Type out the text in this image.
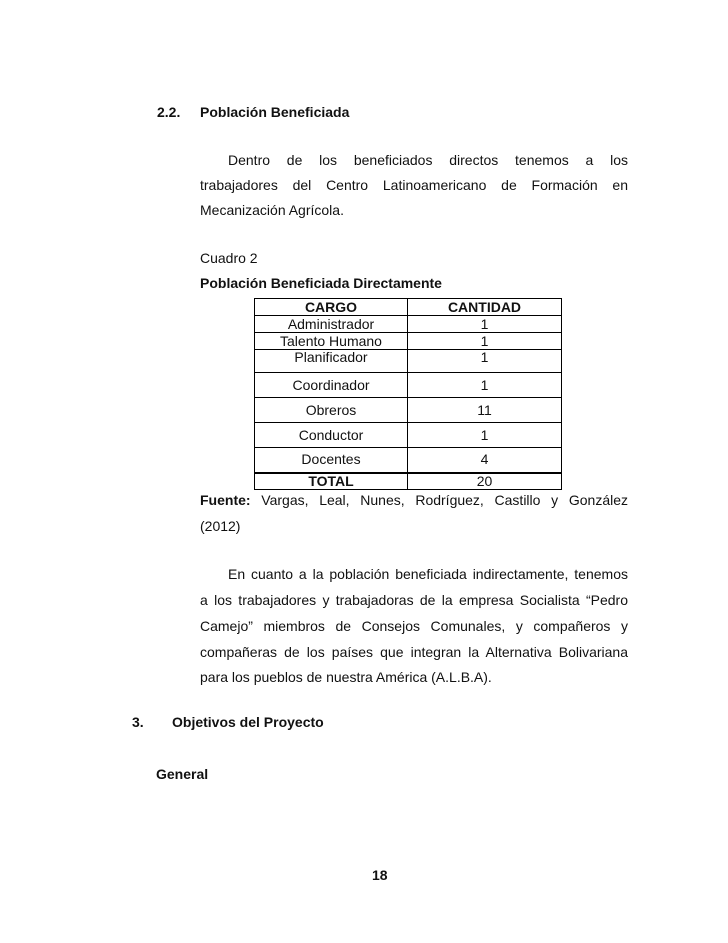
2.2. Población Beneficiada
Dentro de los beneficiados directos tenemos a los
trabajadores del Centro Latinoamericano de Formación en
Mecanización Agrícola.
Cuadro 2
Población Beneficiada Directamente
CARGO	CANTIDAD
Administrador	1
Talento Humano	1
Planificador	1
Coordinador	1
Obreros	11
Conductor	1
Docentes	4
TOTAL	20
Fuente: Vargas, Leal, Nunes, Rodríguez, Castillo y González
(2012)
En cuanto a la población beneficiada indirectamente, tenemos
a los trabajadores y trabajadoras de la empresa Socialista “Pedro
Camejo” miembros de Consejos Comunales, y compañeros y
compañeras de los países que integran la Alternativa Bolivariana
para los pueblos de nuestra América (A.L.B.A).
3. Objetivos del Proyecto
General
18
